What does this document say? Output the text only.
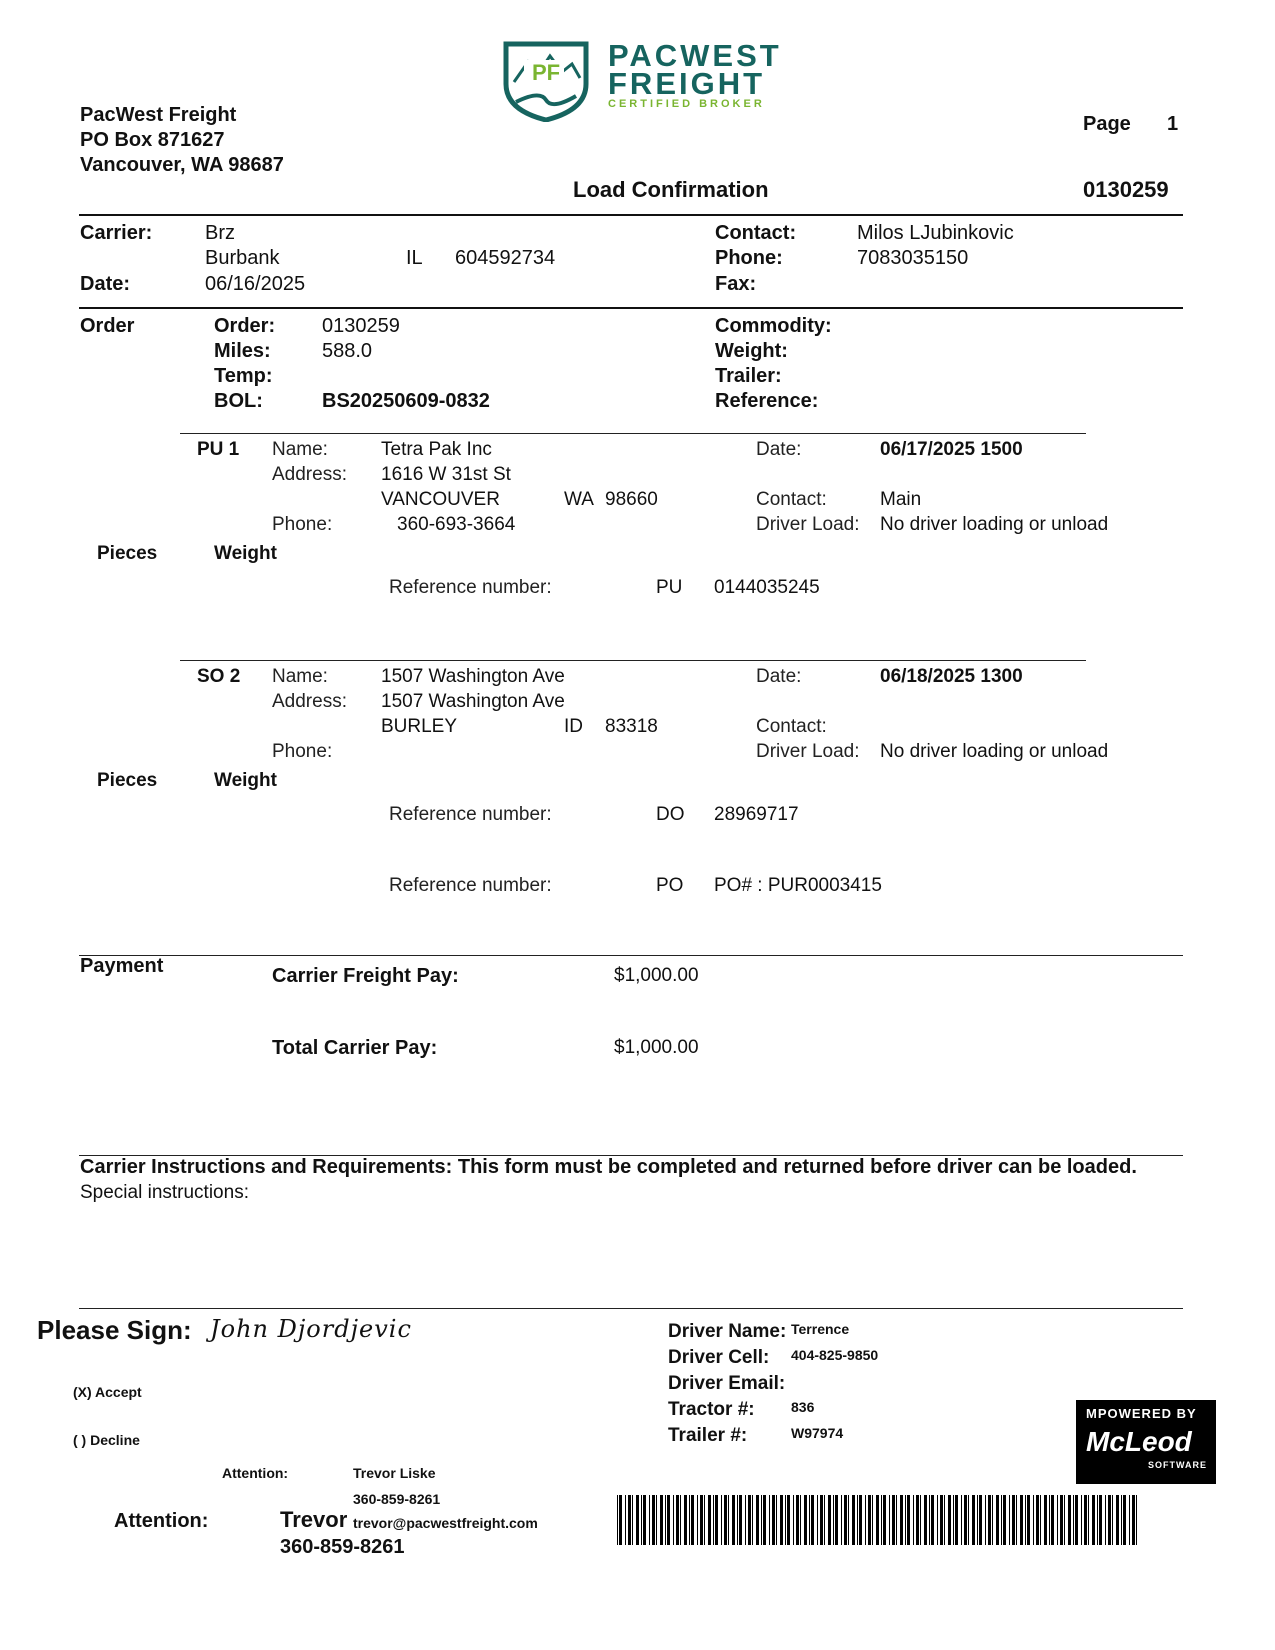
PF PACWEST
FREIGHT
CERTIFIED BROKER
PacWest Freight
PO Box 871627
Vancouver, WA 98687
Page 1
Load Confirmation	0130259
Carrier:	Brz
Burbank	IL 604592734
Date:	06/16/2025
Contact:	Milos LJubinkovic
Phone:	7083035150
Fax:
Order	Order: 0130259
Miles:	588.0
Temp:
BOL:	BS20250609-0832
Commodity:
Weight:
Trailer:
Reference:
PU 1 Name:	Tetra Pak Inc
Address: 1616 W 31st St
VANCOUVER	WA 98660
Phone:	360-693-3664
Date:	06/17/2025 1500
Contact:	Main
Driver Load: No driver loading or unload
Pieces	Weight
Reference number:	PU 0144035245
SO 2 Name:	1507 Washington Ave
Address: 1507 Washington Ave
BURLEY	ID 83318
Phone:
Date:	06/18/2025 1300
Contact:
Driver Load: No driver loading or unload
Pieces	Weight
Reference number:	DO 28969717
Reference number:	PO PO# : PUR0003415
Payment	Carrier Freight Pay:	$1,000.00
Total Carrier Pay:	$1,000.00
Carrier Instructions and Requirements: This form must be completed and returned before driver can be loaded.
Special instructions:
Please Sign: John Djordjevic
(X) Accept
( ) Decline
Attention:	Trevor Liske
360-859-8261
trevor@pacwestfreight.com
Attention:	Trevor
360-859-8261
Driver Name: Terrence
Driver Cell: 404-825-9850
Driver Email:
Tractor #:	836
Trailer #:	W97974
MPOWERED BY
McLeod
SOFTWARE
